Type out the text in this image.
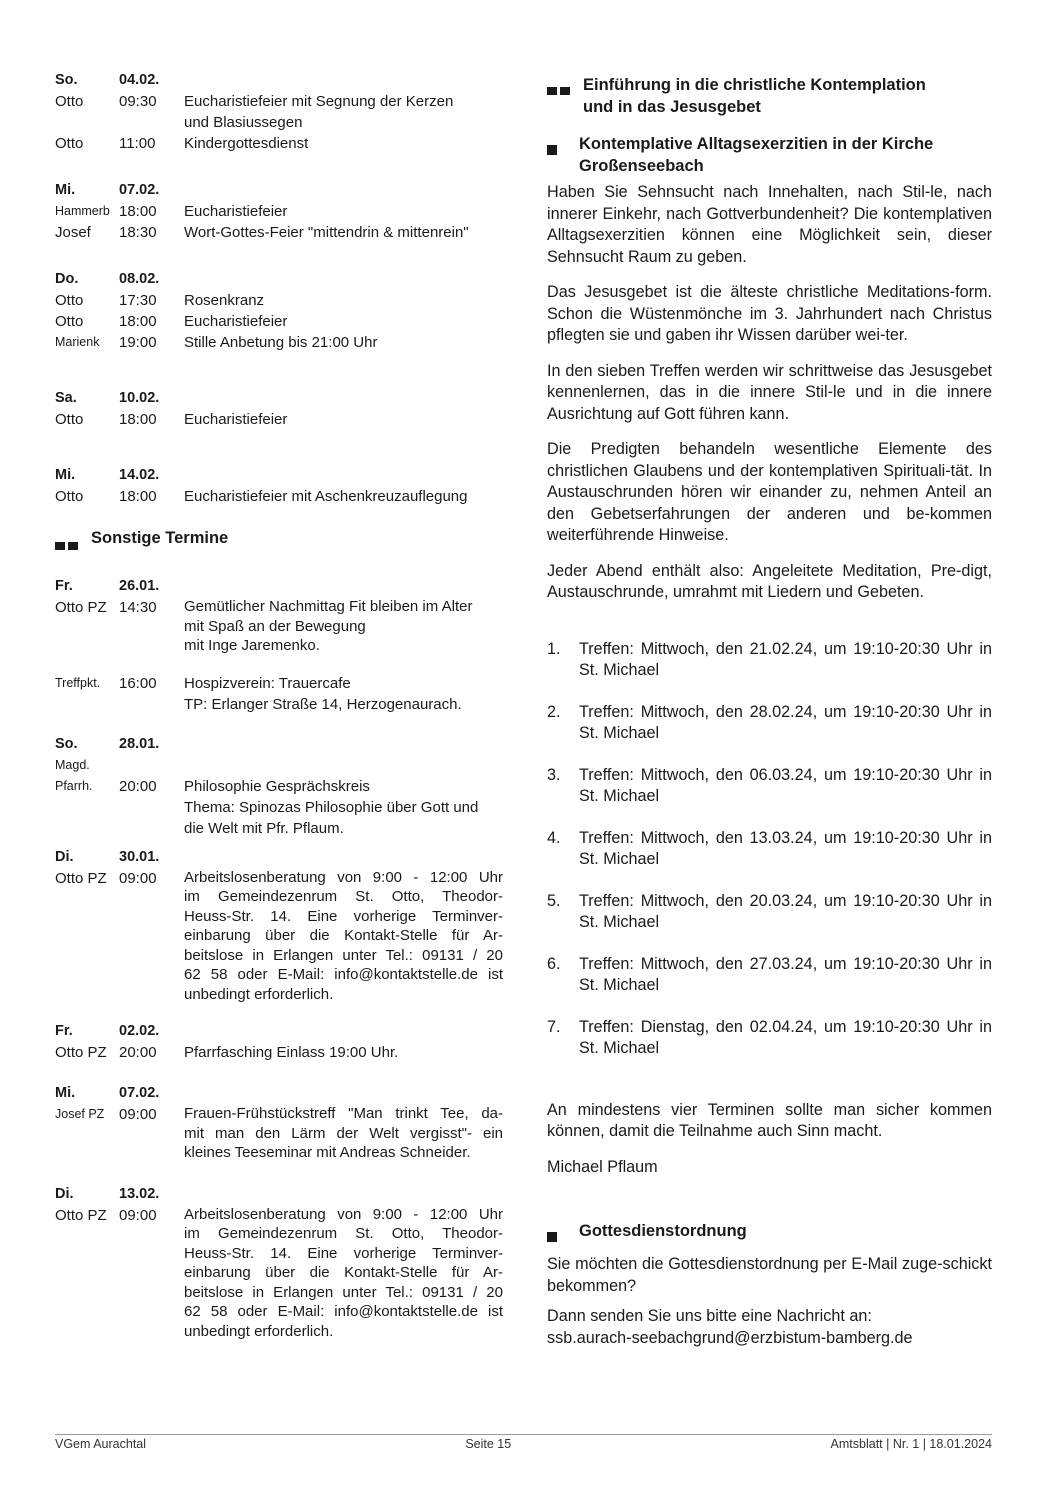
So.	04.02.
Otto	09:30	Eucharistiefeier mit Segnung der Kerzen
und Blasiussegen
Otto	11:00	Kindergottesdienst
Mi.	07.02.
Hammerb 18:00	Eucharistiefeier
Josef	18:30	Wort-Gottes-Feier "mittendrin & mittenrein"
Do.	08.02.
Otto	17:30	Rosenkranz
Otto	18:00	Eucharistiefeier
Marienk	19:00	Stille Anbetung bis 21:00 Uhr
Sa.	10.02.
Otto	18:00	Eucharistiefeier
Mi.	14.02.
Otto	18:00	Eucharistiefeier mit Aschenkreuzauflegung
Sonstige Termine
Fr.	26.01.
Otto PZ 14:30	Gemütlicher Nachmittag Fit bleiben im Alter
mit Spaß an der Bewegung
mit Inge Jaremenko.
Treffpkt.	16:00	Hospizverein: Trauercafe
TP: Erlanger Straße 14, Herzogenaurach.
So.	28.01.
Magd.
Pfarrh.	20:00	Philosophie Gesprächskreis
Thema: Spinozas Philosophie über Gott und
die Welt mit Pfr. Pflaum.
Di.	30.01.
Otto PZ 09:00	Arbeitslosenberatung von 9:00 - 12:00 Uhr
im Gemeindezenrum St. Otto, Theodor-
Heuss-Str. 14. Eine vorherige Terminver-
einbarung über die Kontakt-Stelle für Ar-
beitslose in Erlangen unter Tel.: 09131 / 20
62 58 oder E-Mail: info@kontaktstelle.de ist
unbedingt erforderlich.
Fr.	02.02.
Otto PZ 20:00	Pfarrfasching Einlass 19:00 Uhr.
Mi.	07.02.
Josef PZ 09:00	Frauen-Frühstückstreff "Man trinkt Tee, da-
mit man den Lärm der Welt vergisst"- ein
kleines Teeseminar mit Andreas Schneider.
Di.	13.02.
Otto PZ 09:00	Arbeitslosenberatung von 9:00 - 12:00 Uhr
im Gemeindezenrum St. Otto, Theodor-
Heuss-Str. 14. Eine vorherige Terminver-
einbarung über die Kontakt-Stelle für Ar-
beitslose in Erlangen unter Tel.: 09131 / 20
62 58 oder E-Mail: info@kontaktstelle.de ist
unbedingt erforderlich.
Einführung in die christliche Kontemplation
und in das Jesusgebet
Kontemplative Alltagsexerzitien in der Kirche
Großenseebach

Haben Sie Sehnsucht nach Innehalten, nach Stil-le, nach innerer Einkehr, nach Gottverbundenheit? Die kontemplativen Alltagsexerzitien können eine Möglichkeit sein, dieser Sehnsucht Raum zu geben.

Das Jesusgebet ist die älteste christliche Meditations-form. Schon die Wüstenmönche im 3. Jahrhundert nach Christus pflegten sie und gaben ihr Wissen darüber wei-ter.

In den sieben Treffen werden wir schrittweise das Jesusgebet kennenlernen, das in die innere Stil-le und in die innere Ausrichtung auf Gott führen kann.

Die Predigten behandeln wesentliche Elemente des christlichen Glaubens und der kontemplativen Spirituali-tät. In Austauschrunden hören wir einander zu, nehmen Anteil an den Gebetserfahrungen der anderen und be-kommen weiterführende Hinweise.

Jeder Abend enthält also: Angeleitete Meditation, Pre-digt, Austauschrunde, umrahmt mit Liedern und Gebeten.

1.	Treffen: Mittwoch, den 21.02.24, um 19:10-20:30 Uhr in St. Michael
2.	Treffen: Mittwoch, den 28.02.24, um 19:10-20:30 Uhr in St. Michael
3.	Treffen: Mittwoch, den 06.03.24, um 19:10-20:30 Uhr in St. Michael
4.	Treffen: Mittwoch, den 13.03.24, um 19:10-20:30 Uhr in St. Michael
5.	Treffen: Mittwoch, den 20.03.24, um 19:10-20:30 Uhr in St. Michael
6.	Treffen: Mittwoch, den 27.03.24, um 19:10-20:30 Uhr in St. Michael
7.	Treffen: Dienstag, den 02.04.24, um 19:10-20:30 Uhr in St. Michael

An mindestens vier Terminen sollte man sicher kommen können, damit die Teilnahme auch Sinn macht.

Michael Pflaum

Gottesdienstordnung

Sie möchten die Gottesdienstordnung per E-Mail zuge-schickt bekommen?

Dann senden Sie uns bitte eine Nachricht an:
ssb.aurach-seebachgrund@erzbistum-bamberg.de

VGem Aurachtal	Seite 15	Amtsblatt | Nr. 1 | 18.01.2024
